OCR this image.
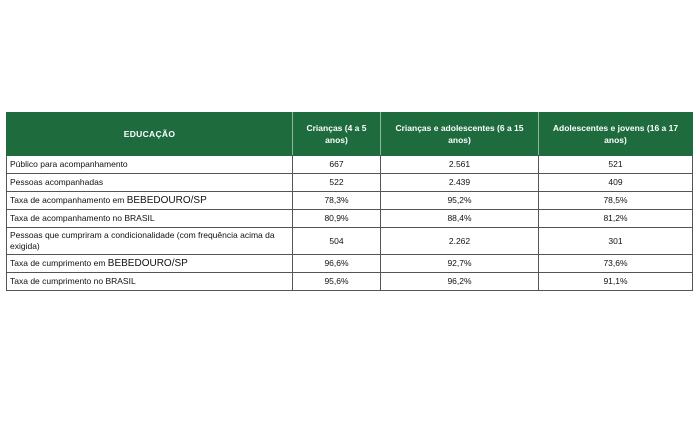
EDUCAÇÃO	Crianças (4 a 5 anos)	Crianças e adolescentes (6 a 15 anos)	Adolescentes e jovens (16 a 17 anos)
Público para acompanhamento	667	2.561	521
Pessoas acompanhadas	522	2.439	409
Taxa de acompanhamento em BEBEDOURO/SP	78,3%	95,2%	78,5%
Taxa de acompanhamento no BRASIL	80,9%	88,4%	81,2%
Pessoas que cumpriram a condicionalidade (com frequência acima da exigida)	504	2.262	301
Taxa de cumprimento em BEBEDOURO/SP	96,6%	92,7%	73,6%
Taxa de cumprimento no BRASIL	95,6%	96,2%	91,1%
